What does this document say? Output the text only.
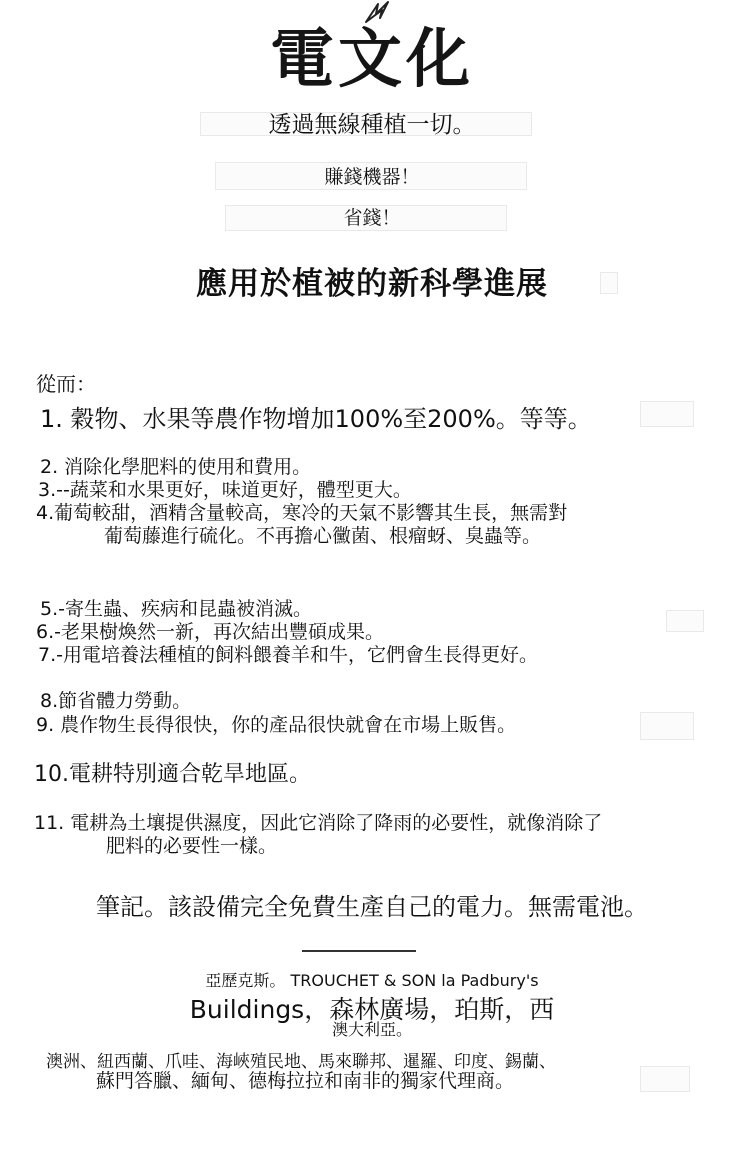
電文化
透過無線種植一切。
賺錢機器！
省錢！
應用於植被的新科學進展
從而：
1. 穀物、水果等農作物增加100%至200%。等等。
2. 消除化學肥料的使用和費用。
3.--蔬菜和水果更好，味道更好，體型更大。
4.葡萄較甜，酒精含量較高，寒冷的天氣不影響其生長，無需對
葡萄藤進行硫化。不再擔心黴菌、根瘤蚜、臭蟲等。
5.-寄生蟲、疾病和昆蟲被消滅。
6.-老果樹煥然一新，再次結出豐碩成果。
7.-用電培養法種植的飼料餵養羊和牛，它們會生長得更好。
8.節省體力勞動。
9. 農作物生長得很快，你的產品很快就會在市場上販售。
10.電耕特別適合乾旱地區。
11. 電耕為土壤提供濕度，因此它消除了降雨的必要性，就像消除了
肥料的必要性一樣。
筆記。該設備完全免費生產自己的電力。無需電池。
亞歷克斯。 TROUCHET & SON la Padbury's
Buildings，森林廣場，珀斯，西
澳大利亞。
澳洲、紐西蘭、爪哇、海峽殖民地、馬來聯邦、暹羅、印度、錫蘭、
蘇門答臘、緬甸、德梅拉拉和南非的獨家代理商。
